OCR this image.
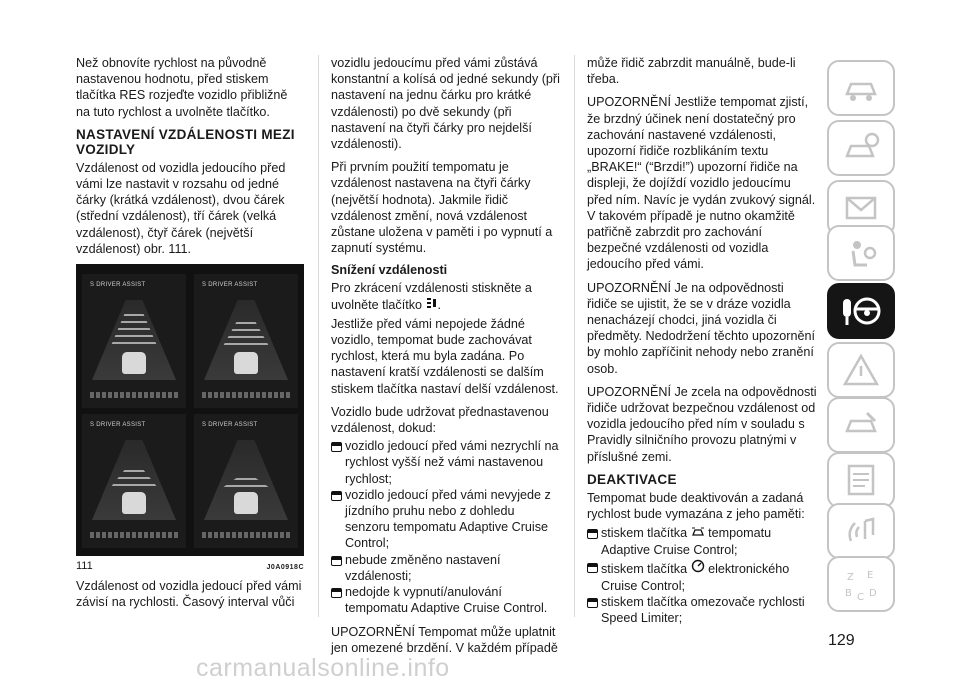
Než obnovíte rychlost na původně nastavenou hodnotu, před stiskem tlačítka RES rozjeďte vozidlo přibližně na tuto rychlost a uvolněte tlačítko.

NASTAVENÍ VZDÁLENOSTI MEZI VOZIDLY

Vzdálenost od vozidla jedoucího před vámi lze nastavit v rozsahu od jedné čárky (krátká vzdálenost), dvou čárek (střední vzdálenost), tří čárek (velká vzdálenost), čtyř čárek (největší vzdálenost) obr. 111.

S DRIVER ASSIST	S DRIVER ASSIST
S DRIVER ASSIST	S DRIVER ASSIST
111	J0A0918C

Vzdálenost od vozidla jedoucí před vámi závisí na rychlosti. Časový interval vůči

vozidlu jedoucímu před vámi zůstává konstantní a kolísá od jedné sekundy (při nastavení na jednu čárku pro krátké vzdálenosti) po dvě sekundy (při nastavení na čtyři čárky pro nejdelší vzdálenosti).

Při prvním použití tempomatu je vzdálenost nastavena na čtyři čárky (největší hodnota). Jakmile řidič vzdálenost změní, nová vzdálenost zůstane uložena v paměti i po vypnutí a zapnutí systému.

Snížení vzdálenosti

Pro zkrácení vzdálenosti stiskněte a uvolněte tlačítko .

Jestliže před vámi nepojede žádné vozidlo, tempomat bude zachovávat rychlost, která mu byla zadána. Po nastavení kratší vzdálenosti se dalším stiskem tlačítka nastaví delší vzdálenost.

Vozidlo bude udržovat přednastavenou vzdálenost, dokud:

vozidlo jedoucí před vámi nezrychlí na rychlost vyšší než vámi nastavenou rychlost;
vozidlo jedoucí před vámi nevyjede z jízdního pruhu nebo z dohledu senzoru tempomatu Adaptive Cruise Control;
nebude změněno nastavení vzdálenosti;
nedojde k vypnutí/anulování tempomatu Adaptive Cruise Control.

UPOZORNĚNÍ Tempomat může uplatnit jen omezené brzdění. V každém případě

může řidič zabrzdit manuálně, bude-li třeba.

UPOZORNĚNÍ Jestliže tempomat zjistí, že brzdný účinek není dostatečný pro zachování nastavené vzdálenosti, upozorní řidiče rozblikáním textu „BRAKE!“ (“Brzdi!”) upozorní řidiče na displeji, že dojíždí vozidlo jedoucímu před ním. Navíc je vydán zvukový signál. V takovém případě je nutno okamžitě patřičně zabrzdit pro zachování bezpečné vzdálenosti od vozidla jedoucího před vámi.

UPOZORNĚNÍ Je na odpovědnosti řidiče se ujistit, že se v dráze vozidla nenacházejí chodci, jiná vozidla či předměty. Nedodržení těchto upozornění by mohlo zapříčinit nehody nebo zranění osob.

UPOZORNĚNÍ Je zcela na odpovědnosti řidiče udržovat bezpečnou vzdálenost od vozidla jedoucího před ním v souladu s Pravidly silničního provozu platnými v příslušné zemi.

DEAKTIVACE

Tempomat bude deaktivován a zadaná rychlost bude vymazána z jeho paměti:

stiskem tlačítka tempomatu Adaptive Cruise Control;
stiskem tlačítka elektronického Cruise Control;
stiskem tlačítka omezovače rychlosti Speed Limiter;
Z E
B C D
129
carmanualsonline.info
